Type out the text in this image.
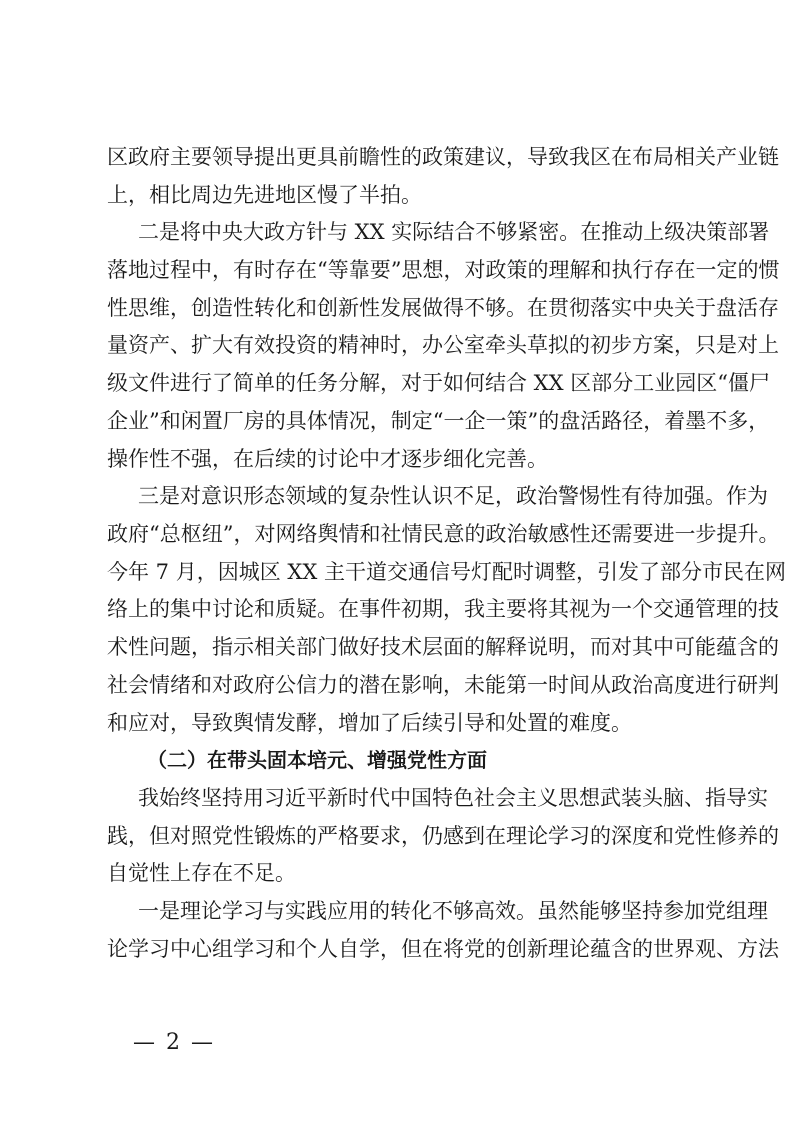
区政府主要领导提出更具前瞻性的政策建议，导致我区在布局相关产业链
上，相比周边先进地区慢了半拍。
二是将中央大政方针与 XX 实际结合不够紧密。在推动上级决策部署
落地过程中，有时存在“等靠要”思想，对政策的理解和执行存在一定的惯
性思维，创造性转化和创新性发展做得不够。在贯彻落实中央关于盘活存
量资产、扩大有效投资的精神时，办公室牵头草拟的初步方案，只是对上
级文件进行了简单的任务分解，对于如何结合 XX 区部分工业园区“僵尸
企业”和闲置厂房的具体情况，制定“一企一策”的盘活路径，着墨不多，
操作性不强，在后续的讨论中才逐步细化完善。
三是对意识形态领域的复杂性认识不足，政治警惕性有待加强。作为
政府“总枢纽”，对网络舆情和社情民意的政治敏感性还需要进一步提升。
今年 7 月，因城区 XX 主干道交通信号灯配时调整，引发了部分市民在网
络上的集中讨论和质疑。在事件初期，我主要将其视为一个交通管理的技
术性问题，指示相关部门做好技术层面的解释说明，而对其中可能蕴含的
社会情绪和对政府公信力的潜在影响，未能第一时间从政治高度进行研判
和应对，导致舆情发酵，增加了后续引导和处置的难度。
（二）在带头固本培元、增强党性方面
我始终坚持用习近平新时代中国特色社会主义思想武装头脑、指导实
践，但对照党性锻炼的严格要求，仍感到在理论学习的深度和党性修养的
自觉性上存在不足。
一是理论学习与实践应用的转化不够高效。虽然能够坚持参加党组理
论学习中心组学习和个人自学，但在将党的创新理论蕴含的世界观、方法
— 2 —
